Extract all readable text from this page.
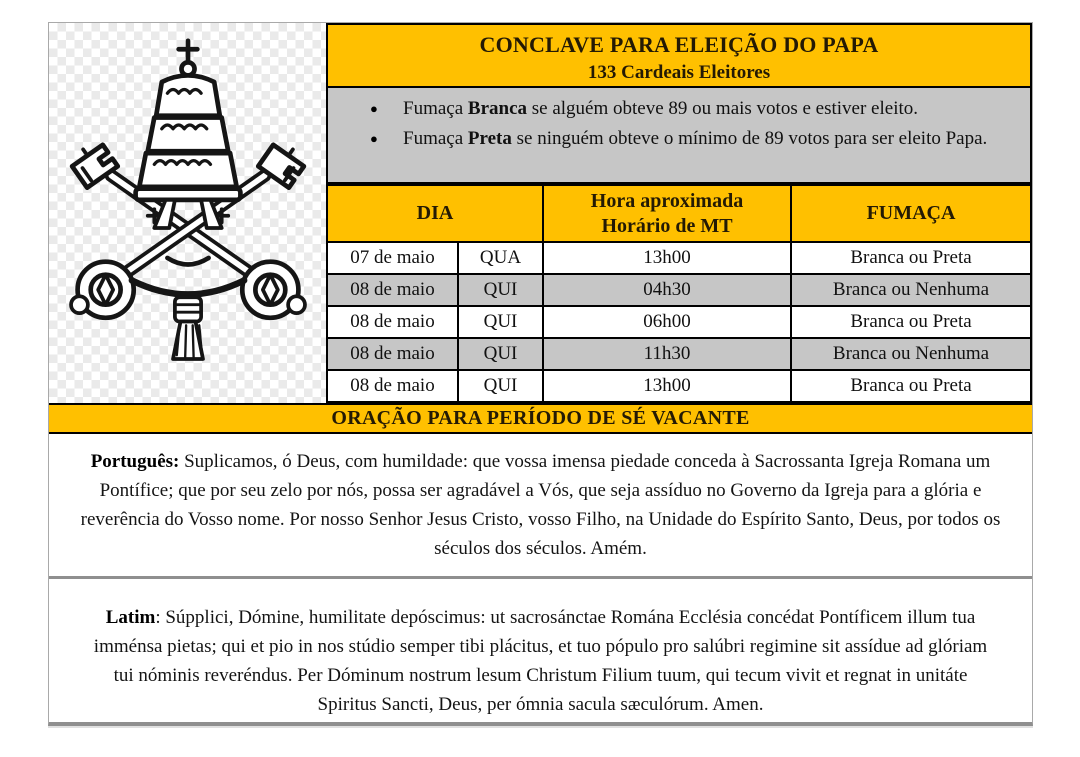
CONCLAVE PARA ELEIÇÃO DO PAPA
133 Cardeais Eleitores
●	Fumaça Branca se alguém obteve 89 ou mais votos e estiver eleito.
●	Fumaça Preta se ninguém obteve o mínimo de 89 votos para ser eleito Papa.
DIA		Hora aproximada
Horário de MT	FUMAÇA
07 de maio	QUA	13h00	Branca ou Preta
08 de maio	QUI	04h30	Branca ou Nenhuma
08 de maio	QUI	06h00	Branca ou Preta
08 de maio	QUI	11h30	Branca ou Nenhuma
08 de maio	QUI	13h00	Branca ou Preta
ORAÇÃO PARA PERÍODO DE SÉ VACANTE

Português: Suplicamos, ó Deus, com humildade: que vossa imensa piedade conceda à Sacrossanta Igreja Romana um Pontífice; que por seu zelo por nós, possa ser agradável a Vós, que seja assíduo no Governo da Igreja para a glória e reverência do Vosso nome. Por nosso Senhor Jesus Cristo, vosso Filho, na Unidade do Espírito Santo, Deus, por todos os séculos dos séculos. Amém.

Latim: Súpplici, Dómine, humilitate depóscimus: ut sacrosánctae Romána Ecclésia concédat Pontíficem illum tua imménsa pietas; qui et pio in nos stúdio semper tibi plácitus, et tuo pópulo pro salúbri regimine sit assídue ad glóriam tui nóminis reveréndus. Per Dóminum nostrum lesum Christum Filium tuum, qui tecum vivit et regnat in unitáte Spiritus Sancti, Deus, per ómnia sacula sæculórum. Amen.
